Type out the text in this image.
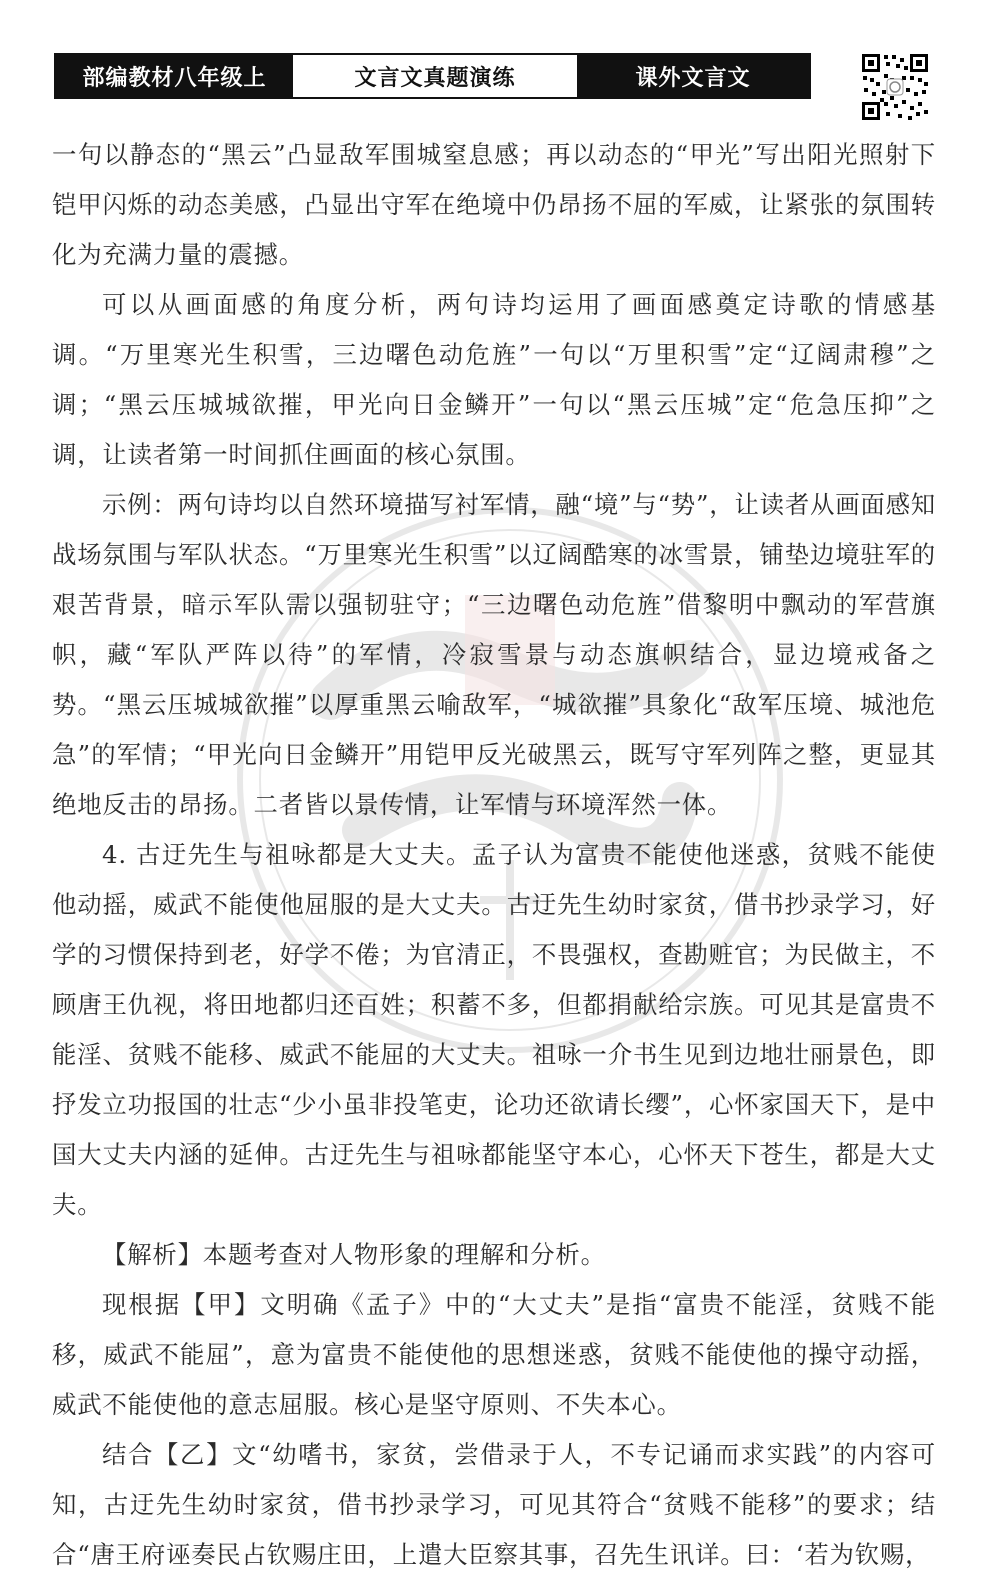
部编教材八年级上	文言文真题演练	课外文言文

一句以静态的“黑云”凸显敌军围城窒息感；再以动态的“甲光”写出阳光照射下铠甲闪烁的动态美感，凸显出守军在绝境中仍昂扬不屈的军威，让紧张的氛围转化为充满力量的震撼。

可以从画面感的角度分析，两句诗均运用了画面感奠定诗歌的情感基调。“万里寒光生积雪，三边曙色动危旌”一句以“万里积雪”定“辽阔肃穆”之调；“黑云压城城欲摧，甲光向日金鳞开”一句以“黑云压城”定“危急压抑”之调，让读者第一时间抓住画面的核心氛围。

示例：两句诗均以自然环境描写衬军情，融“境”与“势”，让读者从画面感知战场氛围与军队状态。“万里寒光生积雪”以辽阔酷寒的冰雪景，铺垫边境驻军的艰苦背景，暗示军队需以强韧驻守；“三边曙色动危旌”借黎明中飘动的军营旗帜，藏“军队严阵以待”的军情，冷寂雪景与动态旗帜结合，显边境戒备之势。“黑云压城城欲摧”以厚重黑云喻敌军，“城欲摧”具象化“敌军压境、城池危急”的军情；“甲光向日金鳞开”用铠甲反光破黑云，既写守军列阵之整，更显其绝地反击的昂扬。二者皆以景传情，让军情与环境浑然一体。

4. 古迂先生与祖咏都是大丈夫。孟子认为富贵不能使他迷惑，贫贱不能使他动摇，威武不能使他屈服的是大丈夫。古迂先生幼时家贫，借书抄录学习，好学的习惯保持到老，好学不倦；为官清正，不畏强权，查勘赃官；为民做主，不顾唐王仇视，将田地都归还百姓；积蓄不多，但都捐献给宗族。可见其是富贵不能淫、贫贱不能移、威武不能屈的大丈夫。祖咏一介书生见到边地壮丽景色，即抒发立功报国的壮志“少小虽非投笔吏，论功还欲请长缨”，心怀家国天下，是中国大丈夫内涵的延伸。古迂先生与祖咏都能坚守本心，心怀天下苍生，都是大丈夫。

【解析】本题考查对人物形象的理解和分析。

现根据【甲】文明确《孟子》中的“大丈夫”是指“富贵不能淫，贫贱不能移，威武不能屈”，意为富贵不能使他的思想迷惑，贫贱不能使他的操守动摇，威武不能使他的意志屈服。核心是坚守原则、不失本心。

结合【乙】文“幼嗜书，家贫，尝借录于人，不专记诵而求实践”的内容可知，古迂先生幼时家贫，借书抄录学习，可见其符合“贫贱不能移”的要求；结合“唐王府诬奏民占钦赐庄田，上遣大臣察其事，召先生讯详。曰：‘若为钦赐，
